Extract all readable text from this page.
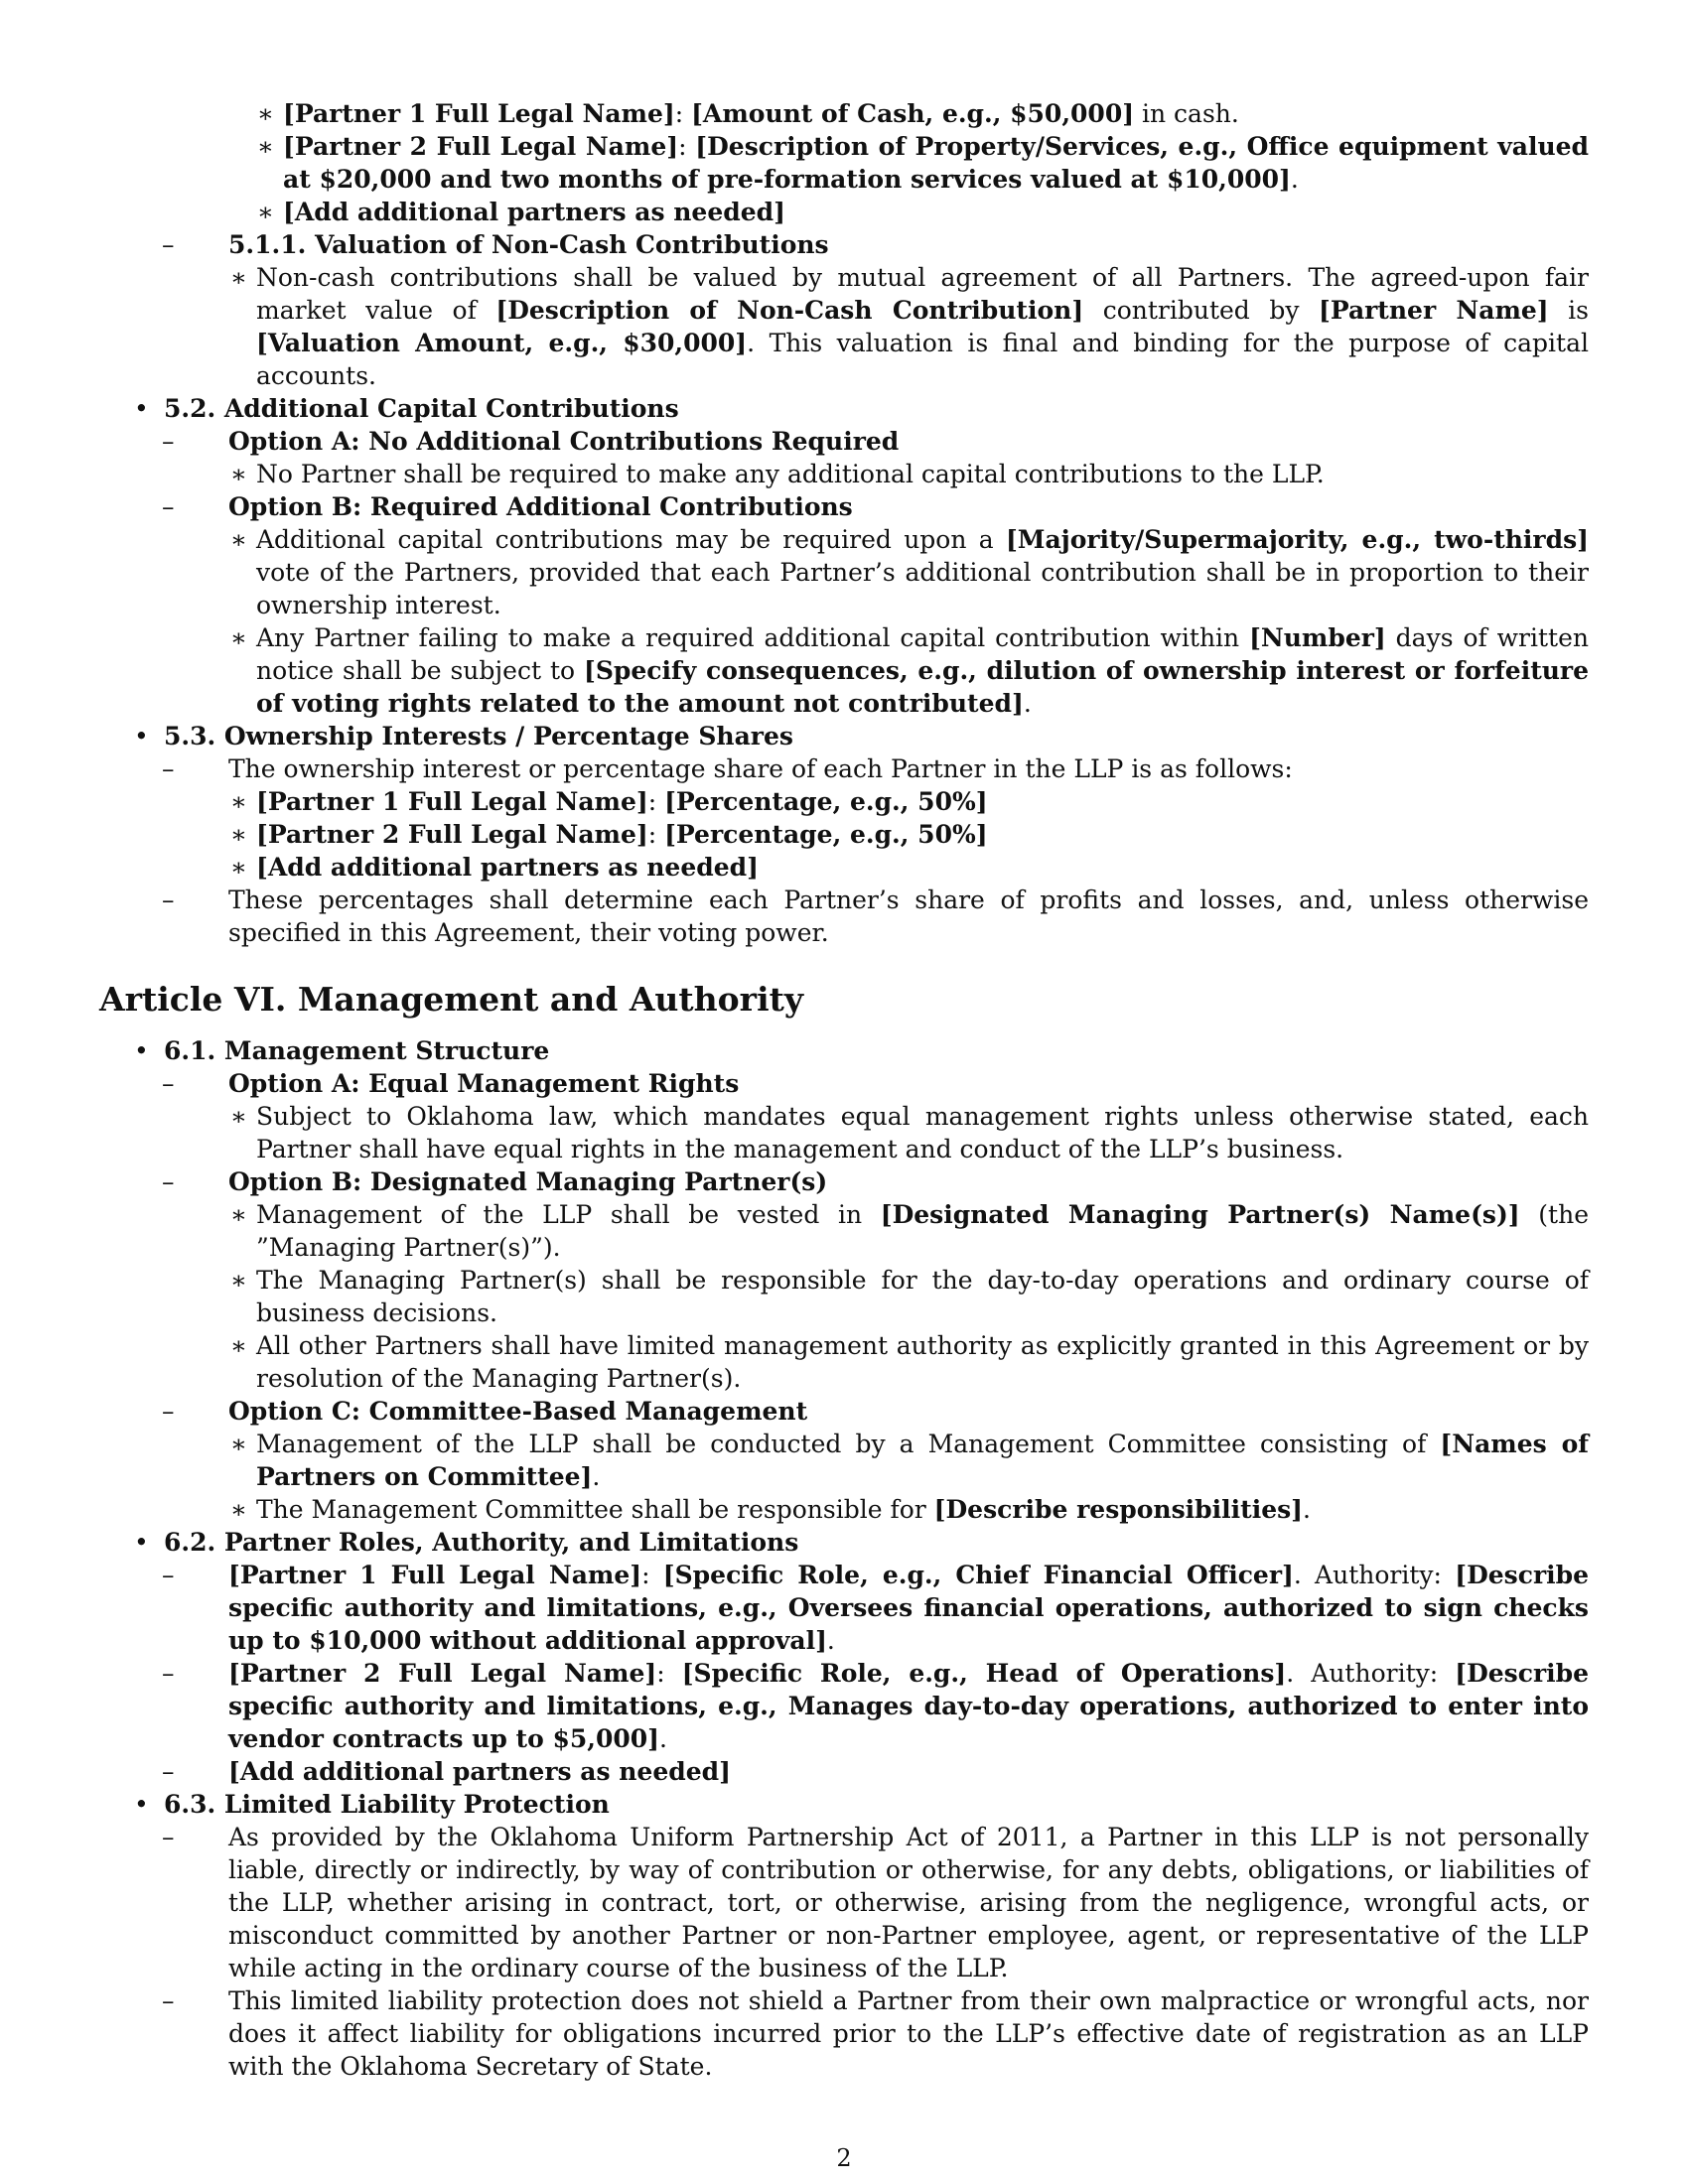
∗ [Partner 1 Full Legal Name]: [Amount of Cash, e.g., $50,000] in cash.
∗ [Partner 2 Full Legal Name]: [Description of Property/Services, e.g., Office equipment valued at $20,000 and two months of pre-formation services valued at $10,000].
∗ [Add additional partners as needed]
– 5.1.1. Valuation of Non-Cash Contributions
∗ Non-cash contributions shall be valued by mutual agreement of all Partners. The agreed-upon fair market value of [Description of Non-Cash Contribution] contributed by [Partner Name] is [Valuation Amount, e.g., $30,000]. This valuation is final and binding for the purpose of capital accounts.
• 5.2. Additional Capital Contributions
– Option A: No Additional Contributions Required
∗ No Partner shall be required to make any additional capital contributions to the LLP.
– Option B: Required Additional Contributions
∗ Additional capital contributions may be required upon a [Majority/Supermajority, e.g., two-thirds] vote of the Partners, provided that each Partner’s additional contribution shall be in proportion to their ownership interest.
∗ Any Partner failing to make a required additional capital contribution within [Number] days of written notice shall be subject to [Specify consequences, e.g., dilution of ownership interest or forfeiture of voting rights related to the amount not contributed].
• 5.3. Ownership Interests / Percentage Shares
– The ownership interest or percentage share of each Partner in the LLP is as follows:
∗ [Partner 1 Full Legal Name]: [Percentage, e.g., 50%]
∗ [Partner 2 Full Legal Name]: [Percentage, e.g., 50%]
∗ [Add additional partners as needed]
– These percentages shall determine each Partner’s share of profits and losses, and, unless otherwise specified in this Agreement, their voting power.
Article VI. Management and Authority
• 6.1. Management Structure
– Option A: Equal Management Rights
∗ Subject to Oklahoma law, which mandates equal management rights unless otherwise stated, each Partner shall have equal rights in the management and conduct of the LLP’s business.
– Option B: Designated Managing Partner(s)
∗ Management of the LLP shall be vested in [Designated Managing Partner(s) Name(s)] (the ”Managing Partner(s)”).
∗ The Managing Partner(s) shall be responsible for the day-to-day operations and ordinary course of business decisions.
∗ All other Partners shall have limited management authority as explicitly granted in this Agreement or by resolution of the Managing Partner(s).
– Option C: Committee-Based Management
∗ Management of the LLP shall be conducted by a Management Committee consisting of [Names of Partners on Committee].
∗ The Management Committee shall be responsible for [Describe responsibilities].
• 6.2. Partner Roles, Authority, and Limitations
– [Partner 1 Full Legal Name]: [Specific Role, e.g., Chief Financial Officer]. Authority: [Describe specific authority and limitations, e.g., Oversees financial operations, authorized to sign checks up to $10,000 without additional approval].
– [Partner 2 Full Legal Name]: [Specific Role, e.g., Head of Operations]. Authority: [Describe specific authority and limitations, e.g., Manages day-to-day operations, authorized to enter into vendor contracts up to $5,000].
– [Add additional partners as needed]
• 6.3. Limited Liability Protection
– As provided by the Oklahoma Uniform Partnership Act of 2011, a Partner in this LLP is not personally liable, directly or indirectly, by way of contribution or otherwise, for any debts, obligations, or liabilities of the LLP, whether arising in contract, tort, or otherwise, arising from the negligence, wrongful acts, or misconduct committed by another Partner or non-Partner employee, agent, or representative of the LLP while acting in the ordinary course of the business of the LLP.
– This limited liability protection does not shield a Partner from their own malpractice or wrongful acts, nor does it affect liability for obligations incurred prior to the LLP’s effective date of registration as an LLP with the Oklahoma Secretary of State.
2
